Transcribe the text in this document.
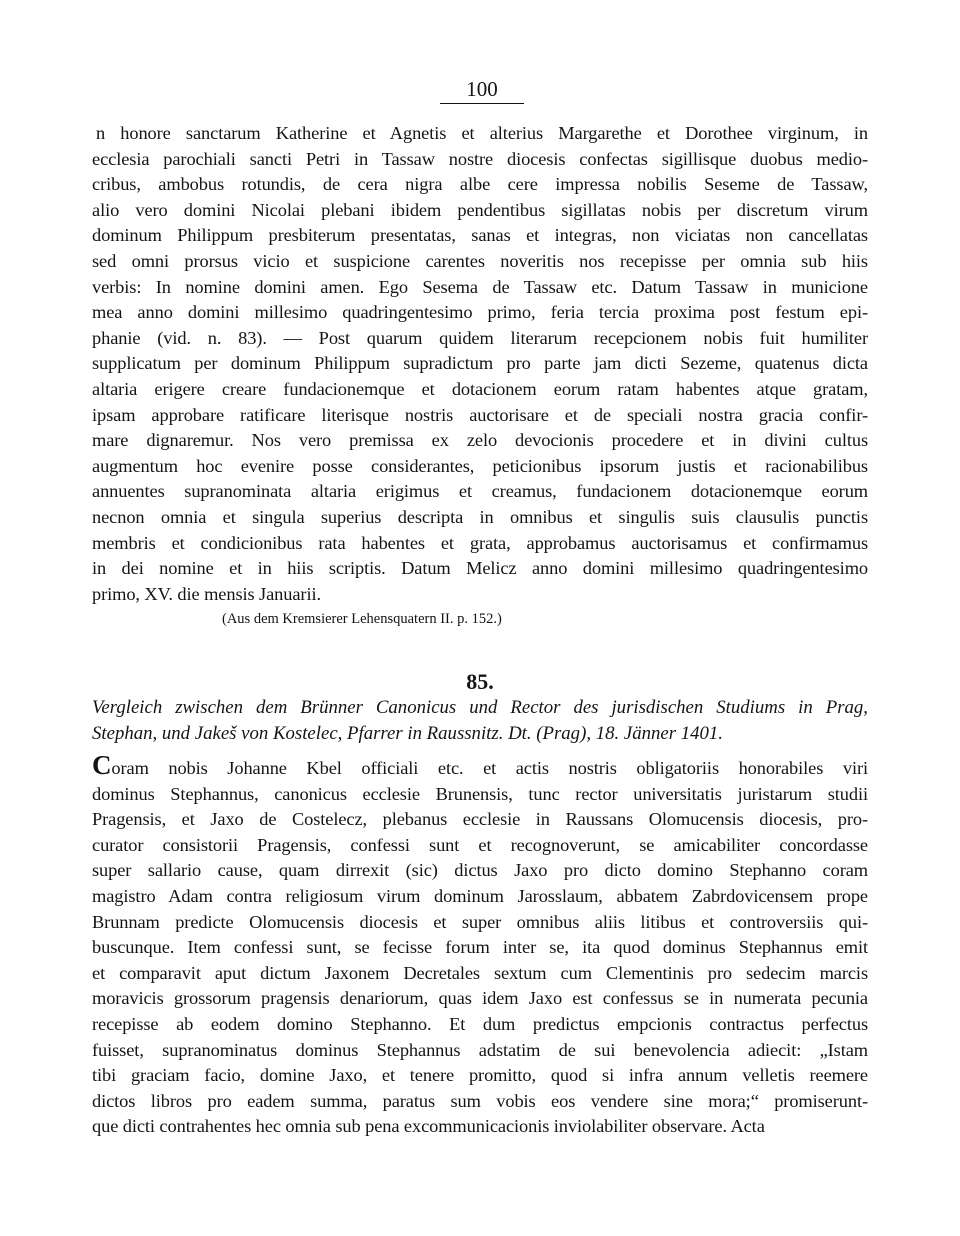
100
n honore sanctarum Katherine et Agnetis et alterius Margarethe et Dorothee virginum, in
ecclesia parochiali sancti Petri in Tassaw nostre diocesis confectas sigillisque duobus medio-
cribus, ambobus rotundis, de cera nigra albe cere impressa nobilis Seseme de Tassaw,
alio vero domini Nicolai plebani ibidem pendentibus sigillatas nobis per discretum virum
dominum Philippum presbiterum presentatas, sanas et integras, non viciatas non cancellatas
sed omni prorsus vicio et suspicione carentes noveritis nos recepisse per omnia sub hiis
verbis: In nomine domini amen. Ego Sesema de Tassaw etc. Datum Tassaw in municione
mea anno domini millesimo quadringentesimo primo, feria tercia proxima post festum epi-
phanie (vid. n. 83). — Post quarum quidem literarum recepcionem nobis fuit humiliter
supplicatum per dominum Philippum supradictum pro parte jam dicti Sezeme, quatenus dicta
altaria erigere creare fundacionemque et dotacionem eorum ratam habentes atque gratam,
ipsam approbare ratificare literisque nostris auctorisare et de speciali nostra gracia confir-
mare dignaremur. Nos vero premissa ex zelo devocionis procedere et in divini cultus
augmentum hoc evenire posse considerantes, peticionibus ipsorum justis et racionabilibus
annuentes supranominata altaria erigimus et creamus, fundacionem dotacionemque eorum
necnon omnia et singula superius descripta in omnibus et singulis suis clausulis punctis
membris et condicionibus rata habentes et grata, approbamus auctorisamus et confirmamus
in dei nomine et in hiis scriptis. Datum Melicz anno domini millesimo quadringentesimo
primo, XV. die mensis Januarii.
(Aus dem Kremsierer Lehensquatern II. p. 152.)
85.
Vergleich zwischen dem Brünner Canonicus und Rector des jurisdischen Studiums in Prag,
Stephan, und Jakeš von Kostelec, Pfarrer in Raussnitz. Dt. (Prag), 18. Jänner 1401.
Coram nobis Johanne Kbel officiali etc. et actis nostris obligatoriis honorabiles viri
dominus Stephannus, canonicus ecclesie Brunensis, tunc rector universitatis juristarum studii
Pragensis, et Jaxo de Costelecz, plebanus ecclesie in Raussans Olomucensis diocesis, pro-
curator consistorii Pragensis, confessi sunt et recognoverunt, se amicabiliter concordasse
super sallario cause, quam dirrexit (sic) dictus Jaxo pro dicto domino Stephanno coram
magistro Adam contra religiosum virum dominum Jarosslaum, abbatem Zabrdovicensem prope
Brunnam predicte Olomucensis diocesis et super omnibus aliis litibus et controversiis qui-
buscunque. Item confessi sunt, se fecisse forum inter se, ita quod dominus Stephannus emit
et comparavit aput dictum Jaxonem Decretales sextum cum Clementinis pro sedecim marcis
moravicis grossorum pragensis denariorum, quas idem Jaxo est confessus se in numerata pecunia
recepisse ab eodem domino Stephanno. Et dum predictus empcionis contractus perfectus
fuisset, supranominatus dominus Stephannus adstatim de sui benevolencia adiecit: „Istam
tibi graciam facio, domine Jaxo, et tenere promitto, quod si infra annum velletis reemere
dictos libros pro eadem summa, paratus sum vobis eos vendere sine mora;“ promiserunt-
que dicti contrahentes hec omnia sub pena excommunicacionis inviolabiliter observare. Acta
